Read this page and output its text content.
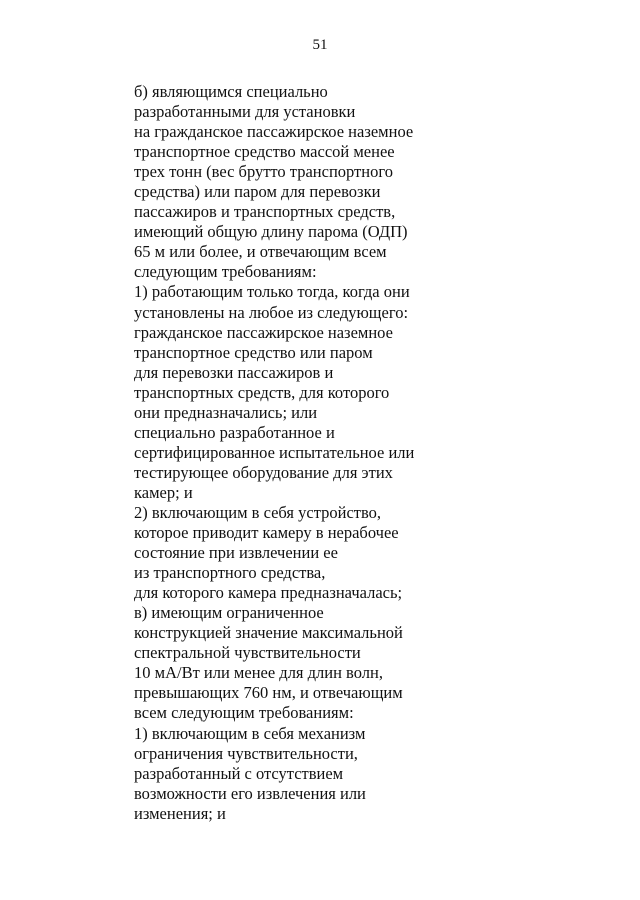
51
б) являющимся специально
разработанными для установки
на гражданское пассажирское наземное
транспортное средство массой менее
трех тонн (вес брутто транспортного
средства) или паром для перевозки
пассажиров и транспортных средств,
имеющий общую длину парома (ОДП)
65 м или более, и отвечающим всем
следующим требованиям:
1) работающим только тогда, когда они
установлены на любое из следующего:
гражданское пассажирское наземное
транспортное средство или паром
для перевозки пассажиров и
транспортных средств, для которого
они предназначались; или
специально разработанное и
сертифицированное испытательное или
тестирующее оборудование для этих
камер; и
2) включающим в себя устройство,
которое приводит камеру в нерабочее
состояние при извлечении ее
из транспортного средства,
для которого камера предназначалась;
в) имеющим ограниченное
конструкцией значение максимальной
спектральной чувствительности
10 мА/Вт или менее для длин волн,
превышающих 760 нм, и отвечающим
всем следующим требованиям:
1) включающим в себя механизм
ограничения чувствительности,
разработанный с отсутствием
возможности его извлечения или
изменения; и
